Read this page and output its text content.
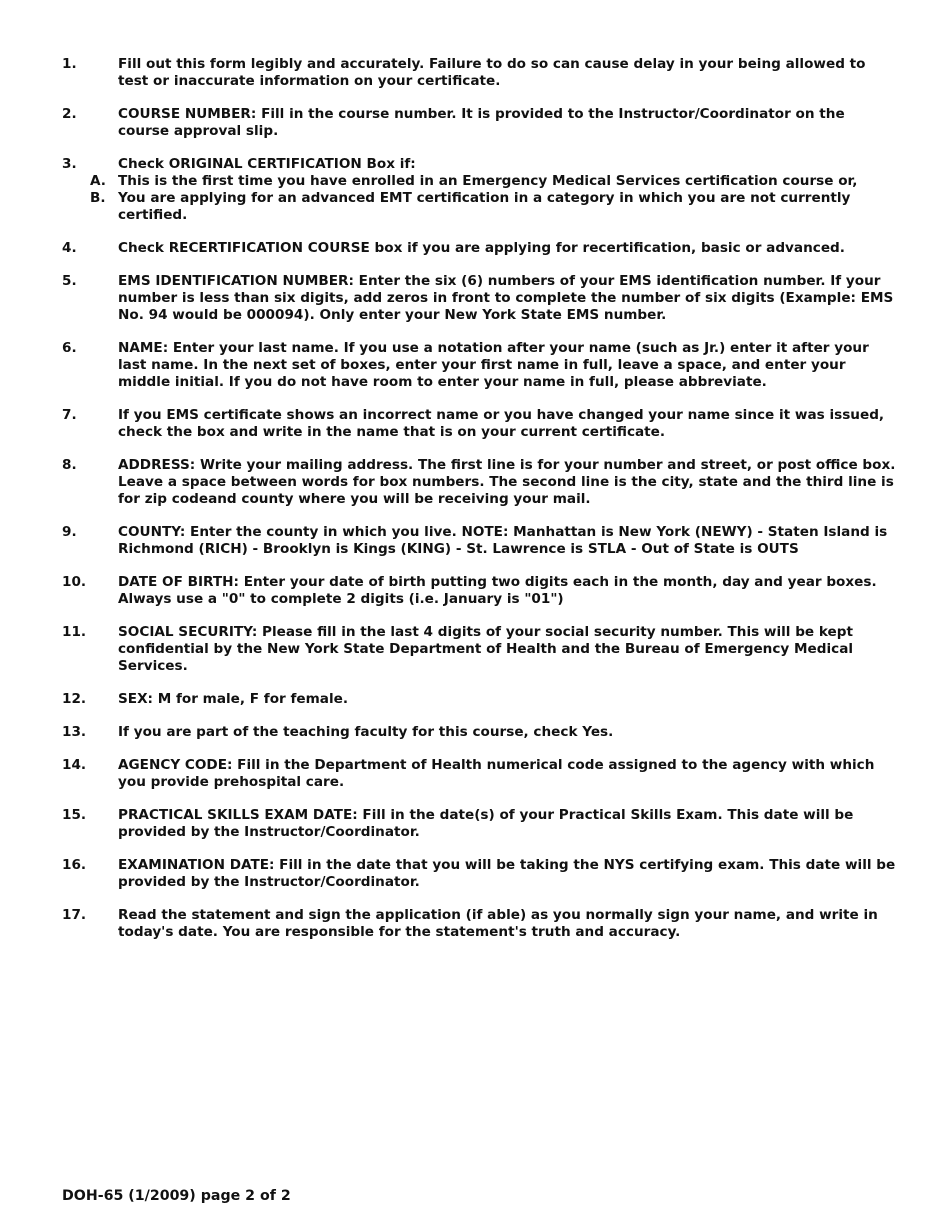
1.	Fill out this form legibly and accurately. Failure to do so can cause delay in your being allowed to test or inaccurate information on your certificate.
2.	COURSE NUMBER: Fill in the course number. It is provided to the Instructor/Coordinator on the course approval slip.
3.	Check ORIGINAL CERTIFICATION Box if:
A. This is the first time you have enrolled in an Emergency Medical Services certification course or,
B. You are applying for an advanced EMT certification in a category in which you are not currently certified.
4.	Check RECERTIFICATION COURSE box if you are applying for recertification, basic or advanced.
5.	EMS IDENTIFICATION NUMBER: Enter the six (6) numbers of your EMS identification number. If your number is less than six digits, add zeros in front to complete the number of six digits (Example: EMS No. 94 would be 000094). Only enter your New York State EMS number.
6.	NAME: Enter your last name. If you use a notation after your name (such as Jr.) enter it after your last name. In the next set of boxes, enter your first name in full, leave a space, and enter your middle initial. If you do not have room to enter your name in full, please abbreviate.
7.	If you EMS certificate shows an incorrect name or you have changed your name since it was issued, check the box and write in the name that is on your current certificate.
8.	ADDRESS: Write your mailing address. The first line is for your number and street, or post office box. Leave a space between words for box numbers. The second line is the city, state and the third line is for zip codeand county where you will be receiving your mail.
9.	COUNTY: Enter the county in which you live. NOTE: Manhattan is New York (NEWY) - Staten Island is Richmond (RICH) - Brooklyn is Kings (KING) - St. Lawrence is STLA - Out of State is OUTS
10.	DATE OF BIRTH: Enter your date of birth putting two digits each in the month, day and year boxes. Always use a "0" to complete 2 digits (i.e. January is "01")
11.	SOCIAL SECURITY: Please fill in the last 4 digits of your social security number. This will be kept confidential by the New York State Department of Health and the Bureau of Emergency Medical Services.
12.	SEX: M for male, F for female.
13.	If you are part of the teaching faculty for this course, check Yes.
14.	AGENCY CODE: Fill in the Department of Health numerical code assigned to the agency with which you provide prehospital care.
15.	PRACTICAL SKILLS EXAM DATE: Fill in the date(s) of your Practical Skills Exam. This date will be provided by the Instructor/Coordinator.
16.	EXAMINATION DATE: Fill in the date that you will be taking the NYS certifying exam. This date will be provided by the Instructor/Coordinator.
17.	Read the statement and sign the application (if able) as you normally sign your name, and write in today's date. You are responsible for the statement's truth and accuracy.
DOH-65 (1/2009) page 2 of 2
